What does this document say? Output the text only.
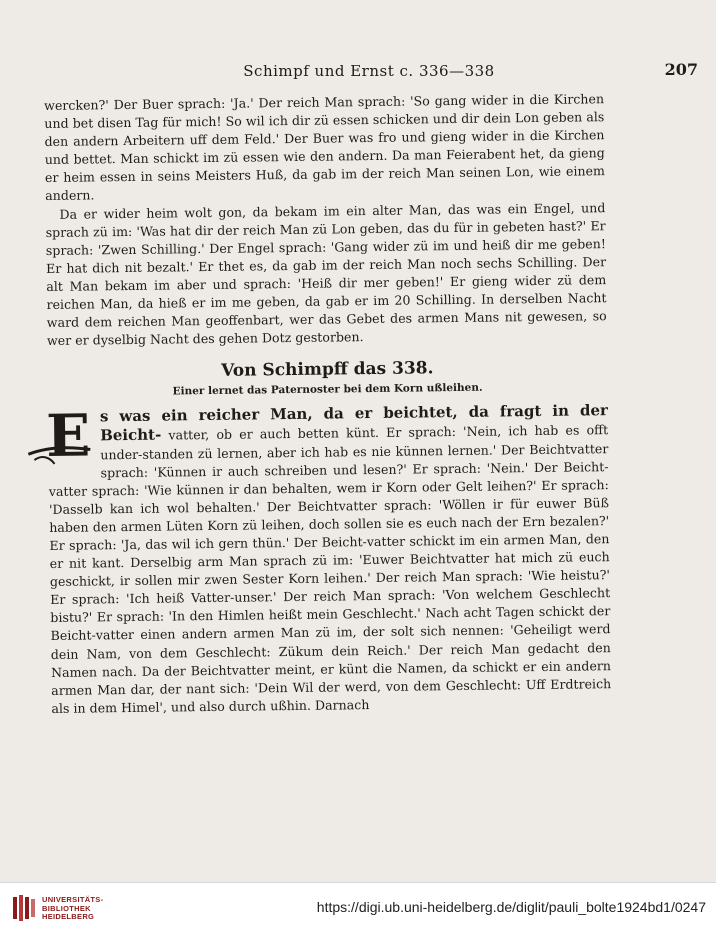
Schimpf und Ernst c. 336—338	207

wercken?' Der Buer sprach: 'Ja.' Der reich Man sprach: 'So gang wider in die Kirchen und bet disen Tag für mich! So wil ich dir zü essen schicken und dir dein Lon geben als den andern Arbeitern uff dem Feld.' Der Buer was fro und gieng wider in die Kirchen und bettet. Man schickt im zü essen wie den andern. Da man Feierabent het, da gieng er heim essen in seins Meisters Huß, da gab im der reich Man seinen Lon, wie einem andern.

Da er wider heim wolt gon, da bekam im ein alter Man, das was ein Engel, und sprach zü im: 'Was hat dir der reich Man zü Lon geben, das du für in gebeten hast?' Er sprach: 'Zwen Schilling.' Der Engel sprach: 'Gang wider zü im und heiß dir me geben! Er hat dich nit bezalt.' Er thet es, da gab im der reich Man noch sechs Schilling. Der alt Man bekam im aber und sprach: 'Heiß dir mer geben!' Er gieng wider zü dem reichen Man, da hieß er im me geben, da gab er im 20 Schilling. In derselben Nacht ward dem reichen Man geoffenbart, wer das Gebet des armen Mans nit gewesen, so wer er dyselbig Nacht des gehen Dotz gestorben.

Von Schimpff das 338.
Einer lernet das Paternoster bei dem Korn ußleihen.
E s was ein reicher Man, da er beichtet, da fragt in der Beicht- vatter, ob er auch betten künt. Er sprach: 'Nein, ich hab es offt under-standen zü lernen, aber ich hab es nie künnen lernen.' Der Beichtvatter sprach: 'Künnen ir auch schreiben und lesen?' Er sprach: 'Nein.' Der Beicht-vatter sprach: 'Wie künnen ir dan behalten, wem ir Korn oder Gelt leihen?' Er sprach: 'Dasselb kan ich wol behalten.' Der Beichtvatter sprach: 'Wöllen ir für euwer Büß haben den armen Lüten Korn zü leihen, doch sollen sie es euch nach der Ern bezalen?' Er sprach: 'Ja, das wil ich gern thün.' Der Beicht-vatter schickt im ein armen Man, den er nit kant. Derselbig arm Man sprach zü im: 'Euwer Beichtvatter hat mich zü euch geschickt, ir sollen mir zwen Sester Korn leihen.' Der reich Man sprach: 'Wie heistu?' Er sprach: 'Ich heiß Vatter-unser.' Der reich Man sprach: 'Von welchem Geschlecht bistu?' Er sprach: 'In den Himlen heißt mein Geschlecht.' Nach acht Tagen schickt der Beicht-vatter einen andern armen Man zü im, der solt sich nennen: 'Geheiligt werd dein Nam, von dem Geschlecht: Zükum dein Reich.' Der reich Man gedacht den Namen nach. Da der Beichtvatter meint, er künt die Namen, da schickt er ein andern armen Man dar, der nant sich: 'Dein Wil der werd, von dem Geschlecht: Uff Erdtreich als in dem Himel', und also durch ußhin. Darnach

UNIVERSITÄTS-
BIBLIOTHEK
HEIDELBERG
https://digi.ub.uni-heidelberg.de/diglit/pauli_bolte1924bd1/0247
